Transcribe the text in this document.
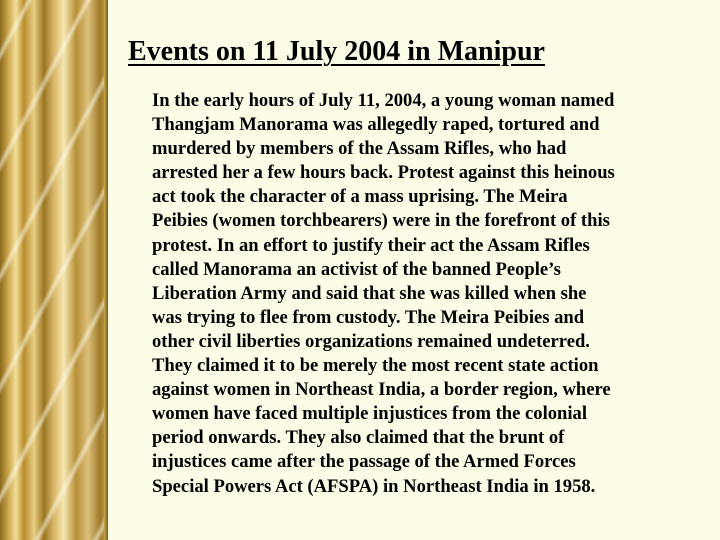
Events on 11 July 2004 in Manipur

In the early hours of July 11, 2004, a young woman named
Thangjam Manorama was allegedly raped, tortured and
murdered by members of the Assam Rifles, who had
arrested her a few hours back. Protest against this heinous
act took the character of a mass uprising. The Meira
Peibies (women torchbearers) were in the forefront of this
protest. In an effort to justify their act the Assam Rifles
called Manorama an activist of the banned People’s
Liberation Army and said that she was killed when she
was trying to flee from custody. The Meira Peibies and
other civil liberties organizations remained undeterred.
They claimed it to be merely the most recent state action
against women in Northeast India, a border region, where
women have faced multiple injustices from the colonial
period onwards. They also claimed that the brunt of
injustices came after the passage of the Armed Forces
Special Powers Act (AFSPA) in Northeast India in 1958.
